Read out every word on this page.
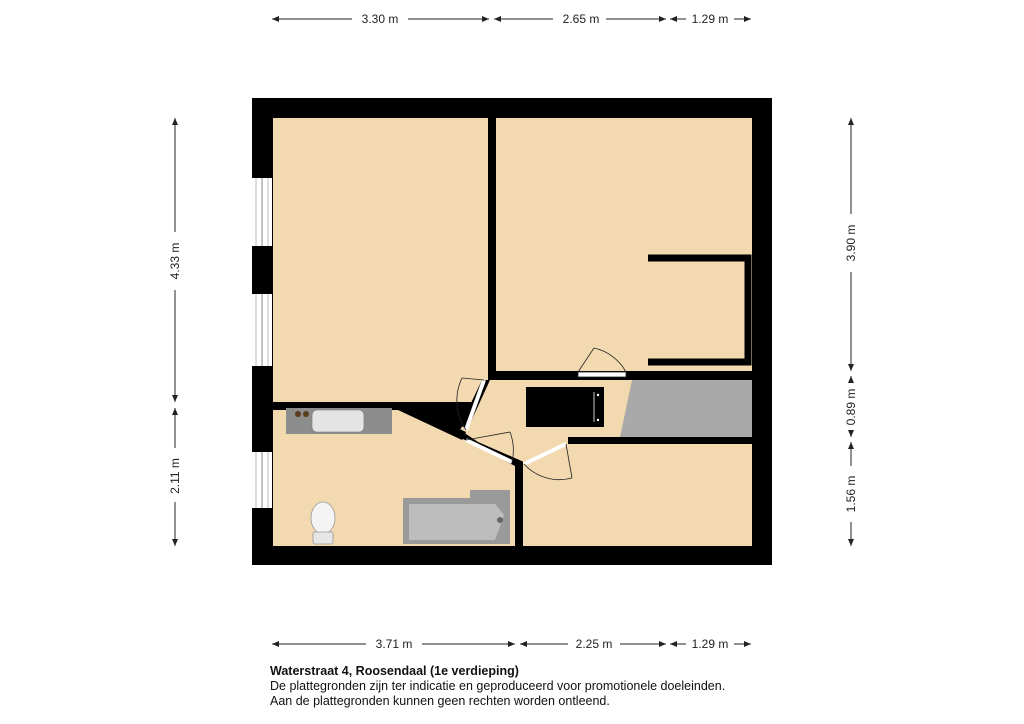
3.30 m	2.65 m	1.29 m
3.71 m	2.25 m	1.29 m
4.33 m
2.11 m
3.90 m
0.89 m
1.56 m
Waterstraat 4, Roosendaal (1e verdieping)
De plattegronden zijn ter indicatie en geproduceerd voor promotionele doeleinden.
Aan de plattegronden kunnen geen rechten worden ontleend.
